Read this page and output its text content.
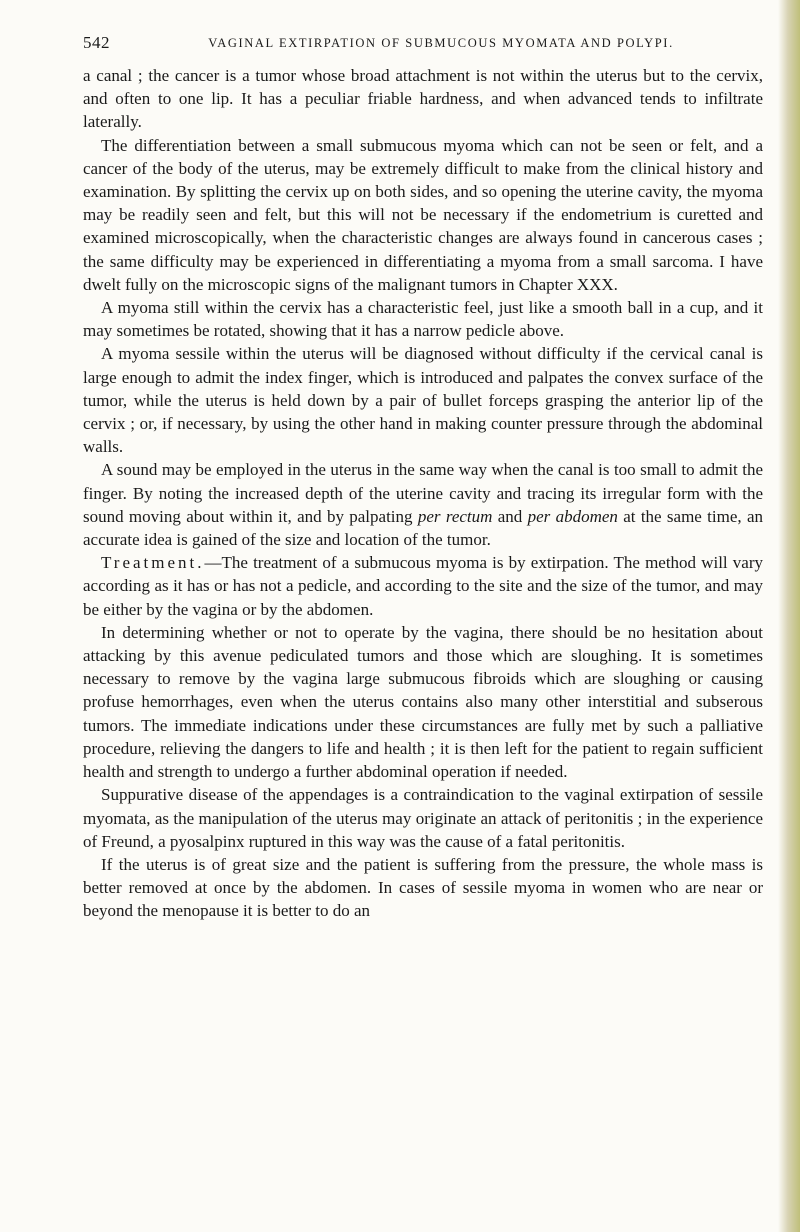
542	VAGINAL EXTIRPATION OF SUBMUCOUS MYOMATA AND POLYPI.

a canal ; the cancer is a tumor whose broad attachment is not within the uterus but to the cervix, and often to one lip. It has a peculiar friable hardness, and when advanced tends to infiltrate laterally.

The differentiation between a small submucous myoma which can not be seen or felt, and a cancer of the body of the uterus, may be extremely difficult to make from the clinical history and examination. By splitting the cervix up on both sides, and so opening the uterine cavity, the myoma may be readily seen and felt, but this will not be necessary if the endometrium is curetted and examined microscopically, when the characteristic changes are always found in cancerous cases ; the same difficulty may be experienced in differentiating a myoma from a small sarcoma. I have dwelt fully on the microscopic signs of the malignant tumors in Chapter XXX.

A myoma still within the cervix has a characteristic feel, just like a smooth ball in a cup, and it may sometimes be rotated, showing that it has a narrow pedicle above.

A myoma sessile within the uterus will be diagnosed without difficulty if the cervical canal is large enough to admit the index finger, which is introduced and palpates the convex surface of the tumor, while the uterus is held down by a pair of bullet forceps grasping the anterior lip of the cervix ; or, if necessary, by using the other hand in making counter pressure through the abdominal walls.

A sound may be employed in the uterus in the same way when the canal is too small to admit the finger. By noting the increased depth of the uterine cavity and tracing its irregular form with the sound moving about within it, and by palpating per rectum and per abdomen at the same time, an accurate idea is gained of the size and location of the tumor.

Treatment.—The treatment of a submucous myoma is by extirpation. The method will vary according as it has or has not a pedicle, and according to the site and the size of the tumor, and may be either by the vagina or by the abdomen.

In determining whether or not to operate by the vagina, there should be no hesitation about attacking by this avenue pediculated tumors and those which are sloughing. It is sometimes necessary to remove by the vagina large submucous fibroids which are sloughing or causing profuse hemorrhages, even when the uterus contains also many other interstitial and subserous tumors. The immediate indications under these circumstances are fully met by such a palliative procedure, relieving the dangers to life and health ; it is then left for the patient to regain sufficient health and strength to undergo a further abdominal operation if needed.

Suppurative disease of the appendages is a contraindication to the vaginal extirpation of sessile myomata, as the manipulation of the uterus may originate an attack of peritonitis ; in the experience of Freund, a pyosalpinx ruptured in this way was the cause of a fatal peritonitis.

If the uterus is of great size and the patient is suffering from the pressure, the whole mass is better removed at once by the abdomen. In cases of sessile myoma in women who are near or beyond the menopause it is better to do an
